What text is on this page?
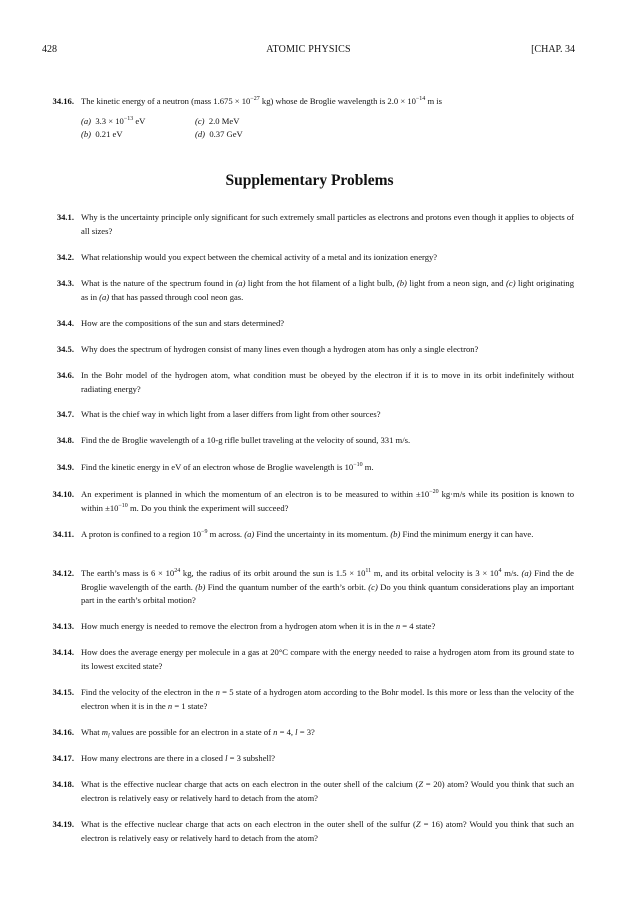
428	ATOMIC PHYSICS	[CHAP. 34
34.16. The kinetic energy of a neutron (mass $1.675 \times 10^{-27}$ kg) whose de Broglie wavelength is $2.0 \times 10^{-14}$ m is
(a) $3.3 \times 10^{-13}$ eV
(b) 0.21 eV
(c) 2.0 MeV
(d) 0.37 GeV
Supplementary Problems
34.1. Why is the uncertainty principle only significant for such extremely small particles as electrons and protons even though it applies to objects of all sizes?
34.2. What relationship would you expect between the chemical activity of a metal and its ionization energy?
34.3. What is the nature of the spectrum found in (a) light from the hot filament of a light bulb, (b) light from a neon sign, and (c) light originating as in (a) that has passed through cool neon gas.
34.4. How are the compositions of the sun and stars determined?
34.5. Why does the spectrum of hydrogen consist of many lines even though a hydrogen atom has only a single electron?
34.6. In the Bohr model of the hydrogen atom, what condition must be obeyed by the electron if it is to move in its orbit indefinitely without radiating energy?
34.7. What is the chief way in which light from a laser differs from light from other sources?
34.8. Find the de Broglie wavelength of a 10-g rifle bullet traveling at the velocity of sound, 331 m/s.
34.9. Find the kinetic energy in eV of an electron whose de Broglie wavelength is $10^{-10}$ m.
34.10. An experiment is planned in which the momentum of an electron is to be measured to within $\pm 10^{-20}$ kg·m/s while its position is known to within $\pm 10^{-10}$ m. Do you think the experiment will succeed?
34.11. A proton is confined to a region $10^{-9}$ m across. (a) Find the uncertainty in its momentum. (b) Find the minimum energy it can have.
34.12. The earth’s mass is $6 \times 10^{24}$ kg, the radius of its orbit around the sun is $1.5 \times 10^{11}$ m, and its orbital velocity is $3 \times 10^4$ m/s. (a) Find the de Broglie wavelength of the earth. (b) Find the quantum number of the earth’s orbit. (c) Do you think quantum considerations play an important part in the earth’s orbital motion?
34.13. How much energy is needed to remove the electron from a hydrogen atom when it is in the n = 4 state?
34.14. How does the average energy per molecule in a gas at 20°C compare with the energy needed to raise a hydrogen atom from its ground state to its lowest excited state?
34.15. Find the velocity of the electron in the n = 5 state of a hydrogen atom according to the Bohr model. Is this more or less than the velocity of the electron when it is in the n = 1 state?
34.16. What $m_l$ values are possible for an electron in a state of n = 4, l = 3?
34.17. How many electrons are there in a closed l = 3 subshell?
34.18. What is the effective nuclear charge that acts on each electron in the outer shell of the calcium (Z = 20) atom? Would you think that such an electron is relatively easy or relatively hard to detach from the atom?
34.19. What is the effective nuclear charge that acts on each electron in the outer shell of the sulfur (Z = 16) atom? Would you think that such an electron is relatively easy or relatively hard to detach from the atom?
